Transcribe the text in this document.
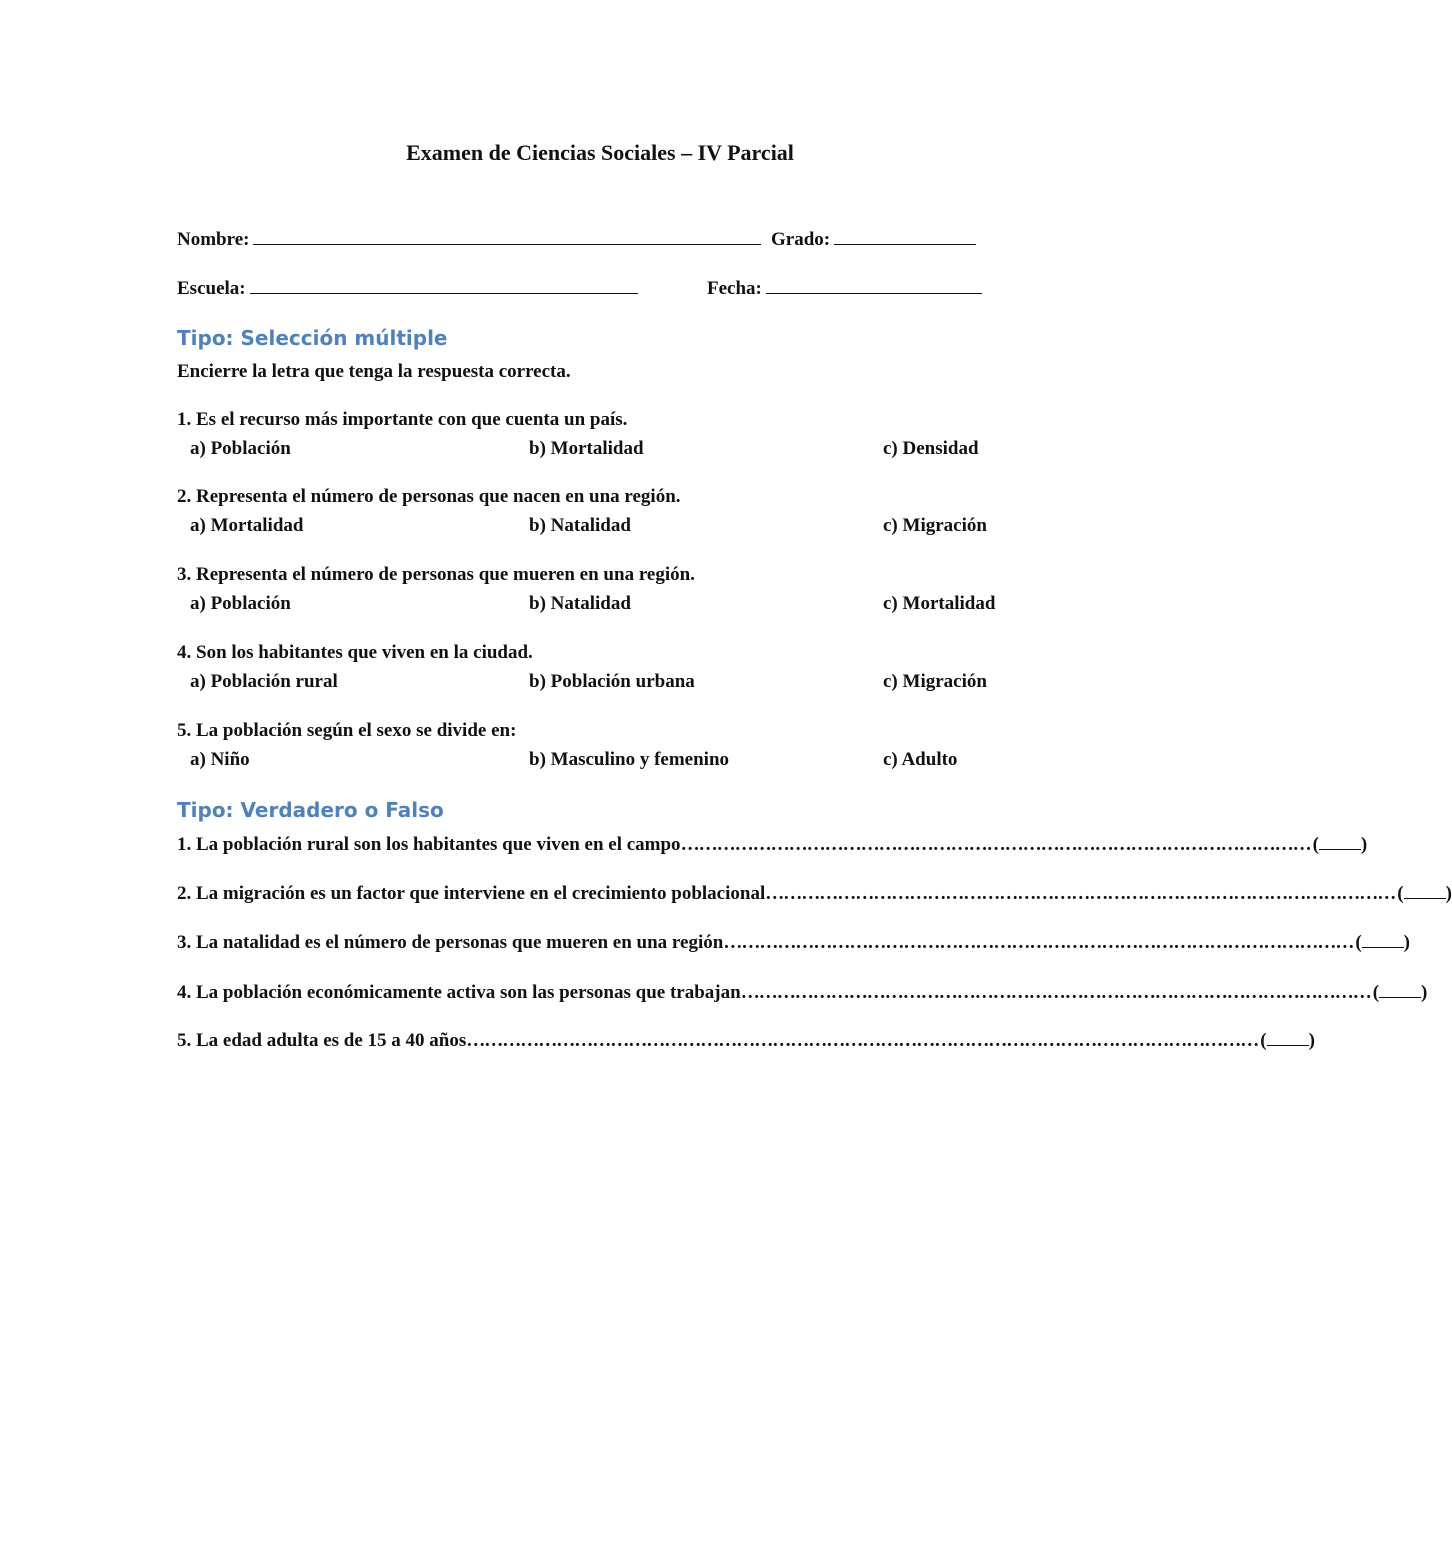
Examen de Ciencias Sociales – IV Parcial
Nombre:	Grado:
Escuela:	Fecha:
Tipo: Selección múltiple
Encierre la letra que tenga la respuesta correcta.
1. Es el recurso más importante con que cuenta un país.
a) Población	b) Mortalidad	c) Densidad
2. Representa el número de personas que nacen en una región.
a) Mortalidad	b) Natalidad	c) Migración
3. Representa el número de personas que mueren en una región.
a) Población	b) Natalidad	c) Mortalidad
4. Son los habitantes que viven en la ciudad.
a) Población rural	b) Población urbana	c) Migración
5. La población según el sexo se divide en:
a) Niño	b) Masculino y femenino	c) Adulto
Tipo: Verdadero o Falso
1. La población rural son los habitantes que viven en el campo …………………………………………………………………………………………… ( )
2. La migración es un factor que interviene en el crecimiento poblacional …………………………………………………………………………………………… ( )
3. La natalidad es el número de personas que mueren en una región …………………………………………………………………………………………… ( )
4. La población económicamente activa son las personas que trabajan …………………………………………………………………………………………… ( )
5. La edad adulta es de 15 a 40 años …………………………………………………………………………………………………………………… ( )
